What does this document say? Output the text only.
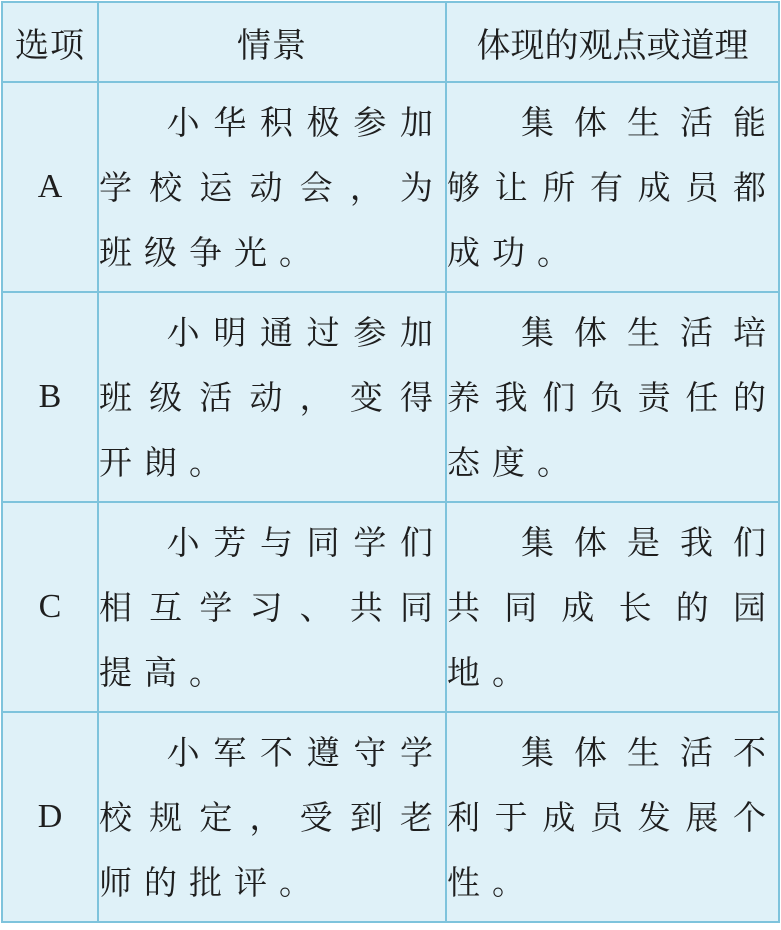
选项	情景	体现的观点或道理
A	小华积极参加学校运动会，为班级争光。	集体生活能够让所有成员都成功。
B	小明通过参加班级活动，变得开朗。	集体生活培养我们负责任的态度。
C	小芳与同学们相互学习、共同提高。	集体是我们共同成长的园地。
D	小军不遵守学校规定，受到老师的批评。	集体生活不利于成员发展个性。
